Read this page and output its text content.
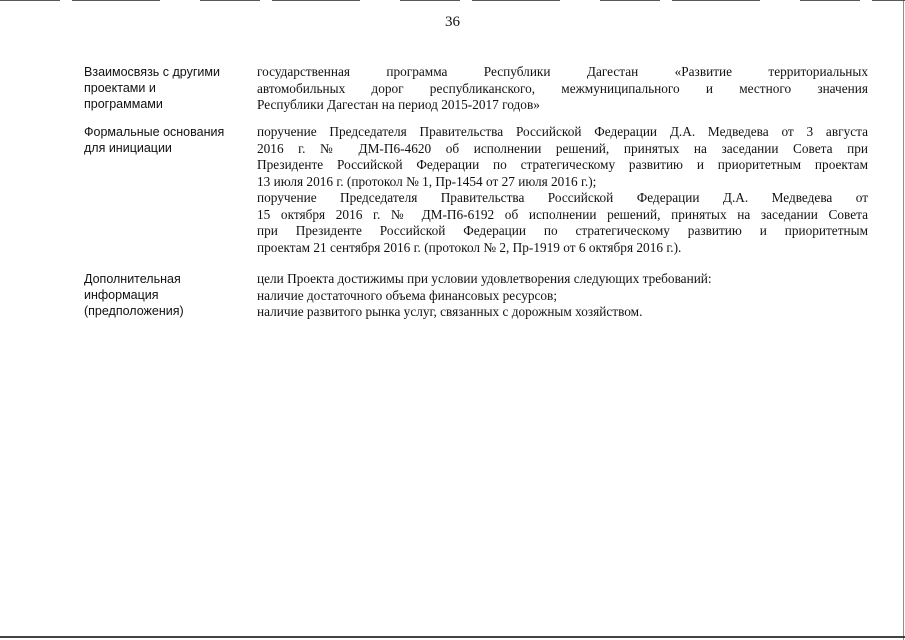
36
Взаимосвязь с другими
проектами и
программами
государственная программа Республики Дагестан «Развитие территориальных
автомобильных дорог республиканского, межмуниципального и местного значения
Республики Дагестан на период 2015-2017 годов»
Формальные основания
для инициации
поручение Председателя Правительства Российской Федерации Д.А. Медведева от 3 августа
2016 г. № ДМ-П6-4620 об исполнении решений, принятых на заседании Совета при
Президенте Российской Федерации по стратегическому развитию и приоритетным проектам
13 июля 2016 г. (протокол № 1, Пр-1454 от 27 июля 2016 г.);
поручение Председателя Правительства Российской Федерации Д.А. Медведева от
15 октября 2016 г. № ДМ-П6-6192 об исполнении решений, принятых на заседании Совета
при Президенте Российской Федерации по стратегическому развитию и приоритетным
проектам 21 сентября 2016 г. (протокол № 2, Пр-1919 от 6 октября 2016 г.).
Дополнительная
информация
(предположения)
цели Проекта достижимы при условии удовлетворения следующих требований:
наличие достаточного объема финансовых ресурсов;
наличие развитого рынка услуг, связанных с дорожным хозяйством.
